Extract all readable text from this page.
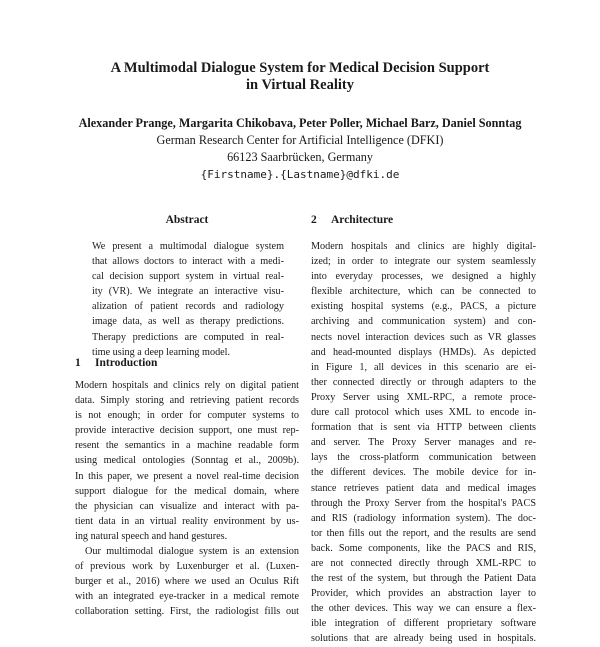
A Multimodal Dialogue System for Medical Decision Support
in Virtual Reality
Alexander Prange, Margarita Chikobava, Peter Poller, Michael Barz, Daniel Sonntag
German Research Center for Artificial Intelligence (DFKI)
66123 Saarbrücken, Germany
{Firstname}.{Lastname}@dfki.de
Abstract
We present a multimodal dialogue system
that allows doctors to interact with a medi-
cal decision support system in virtual real-
ity (VR). We integrate an interactive visu-
alization of patient records and radiology
image data, as well as therapy predictions.
Therapy predictions are computed in real-
time using a deep learning model.
1 Introduction
Modern hospitals and clinics rely on digital patient
data. Simply storing and retrieving patient records
is not enough; in order for computer systems to
provide interactive decision support, one must rep-
resent the semantics in a machine readable form
using medical ontologies (Sonntag et al., 2009b).
In this paper, we present a novel real-time decision
support dialogue for the medical domain, where
the physician can visualize and interact with pa-
tient data in an virtual reality environment by us-
ing natural speech and hand gestures.
Our multimodal dialogue system is an extension
of previous work by Luxenburger et al. (Luxen-
burger et al., 2016) where we used an Oculus Rift
with an integrated eye-tracker in a medical remote
collaboration setting. First, the radiologist fills out
2 Architecture
Modern hospitals and clinics are highly digital-
ized; in order to integrate our system seamlessly
into everyday processes, we designed a highly
flexible architecture, which can be connected to
existing hospital systems (e.g., PACS, a picture
archiving and communication system) and con-
nects novel interaction devices such as VR glasses
and head-mounted displays (HMDs). As depicted
in Figure 1, all devices in this scenario are ei-
ther connected directly or through adapters to the
Proxy Server using XML-RPC, a remote proce-
dure call protocol which uses XML to encode in-
formation that is sent via HTTP between clients
and server. The Proxy Server manages and re-
lays the cross-platform communication between
the different devices. The mobile device for in-
stance retrieves patient data and medical images
through the Proxy Server from the hospital's PACS
and RIS (radiology information system). The doc-
tor then fills out the report, and the results are send
back. Some components, like the PACS and RIS,
are not connected directly through XML-RPC to
the rest of the system, but through the Patient Data
Provider, which provides an abstraction layer to
the other devices. This way we can ensure a flex-
ible integration of different proprietary software
solutions that are already being used in hospitals.
